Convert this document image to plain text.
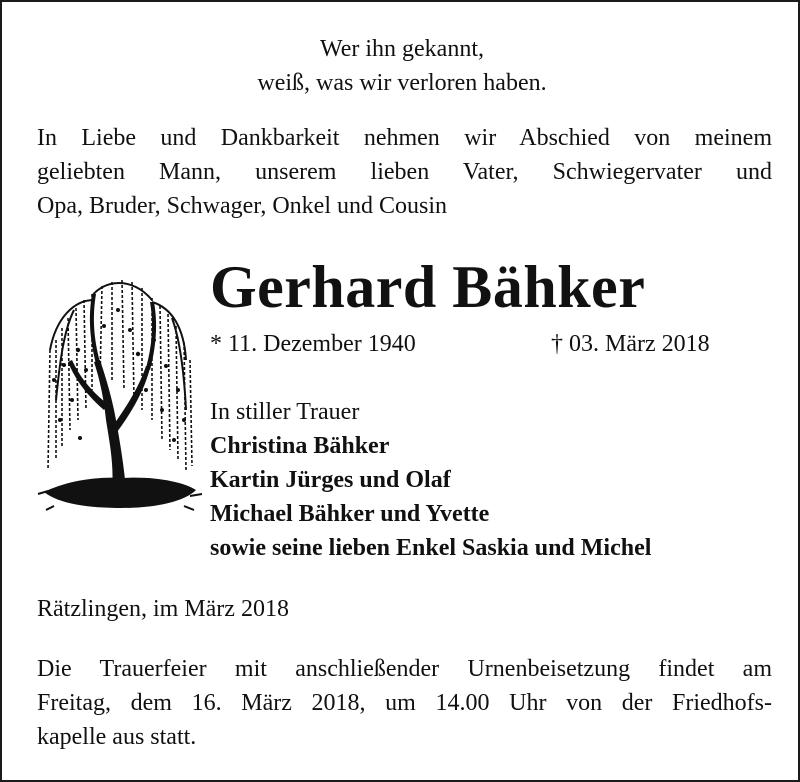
Wer ihn gekannt,
weiß, was wir verloren haben.
In Liebe und Dankbarkeit nehmen wir Abschied von meinem
geliebten Mann, unserem lieben Vater, Schwiegervater und
Opa, Bruder, Schwager, Onkel und Cousin
Gerhard Bähker
* 11. Dezember 1940	† 03. März 2018
In stiller Trauer
Christina Bähker
Kartin Jürges und Olaf
Michael Bähker und Yvette
sowie seine lieben Enkel Saskia und Michel
Rätzlingen, im März 2018
Die Trauerfeier mit anschließender Urnenbeisetzung findet am
Freitag, dem 16. März 2018, um 14.00 Uhr von der Friedhofs-
kapelle aus statt.
